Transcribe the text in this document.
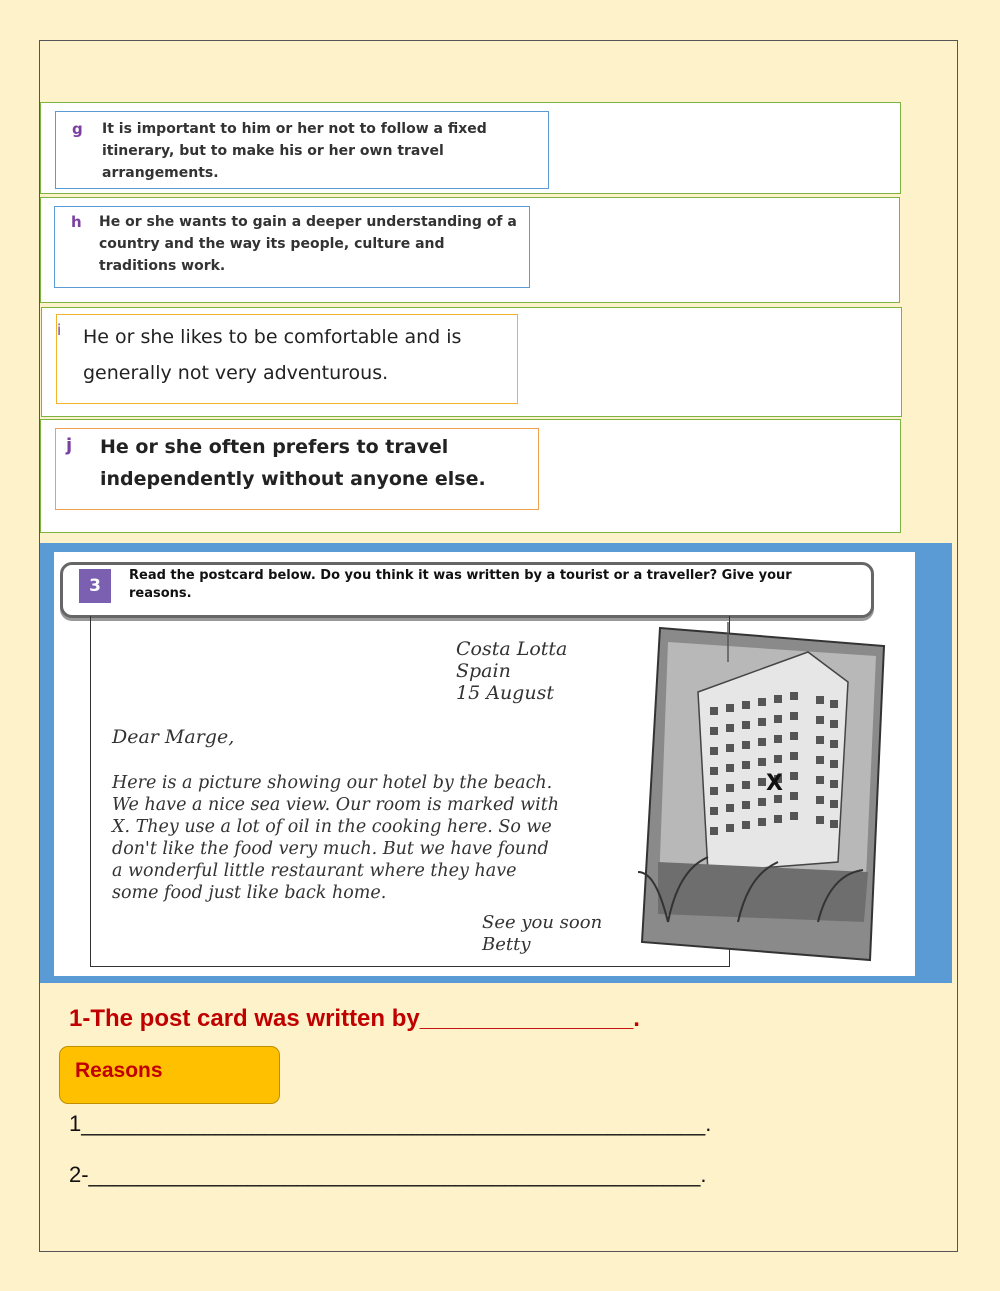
g It is important to him or her not to follow a fixed itinerary, but to make his or her own travel arrangements.
h He or she wants to gain a deeper understanding of a country and the way its people, culture and traditions work.
i He or she likes to be comfortable and is generally not very adventurous.
j He or she often prefers to travel independently without anyone else.
3
Read the postcard below. Do you think it was written by a tourist or a traveller? Give your reasons.
Costa Lotta
Spain
15 August
Dear Marge,
Here is a picture showing our hotel by the beach.
We have a nice sea view. Our room is marked with
X. They use a lot of oil in the cooking here. So we
don't like the food very much. But we have found
a wonderful little restaurant where they have
some food just like back home.
See you soon
Betty
X
1-The post card was written by________________.
Reasons
1___________________________________________________.
2-__________________________________________________.
